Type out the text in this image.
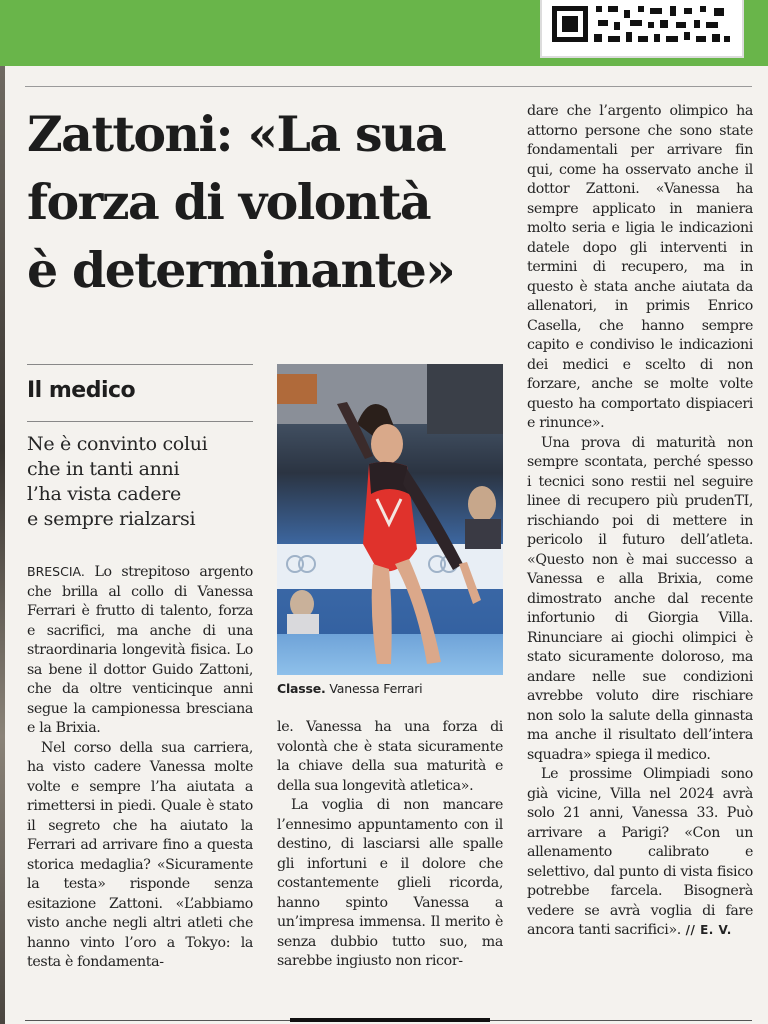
Zattoni: «La sua
forza di volontà
è determinante»
Il medico

Ne è convinto colui
che in tanti anni
l’ha vista cadere
e sempre rialzarsi

BRESCIA. Lo strepitoso argento che brilla al collo di Vanessa Ferrari è frutto di talento, forza e sacrifici, ma anche di una straordinaria longevità fisica. Lo sa bene il dottor Guido Zattoni, che da oltre venticinque anni segue la campionessa bresciana e la Brixia.

Nel corso della sua carriera, ha visto cadere Vanessa molte volte e sempre l’ha aiutata a rimettersi in piedi. Quale è stato il segreto che ha aiutato la Ferrari ad arrivare fino a questa storica medaglia? «Sicuramente la testa» risponde senza esitazione Zattoni. «L’abbiamo visto anche negli altri atleti che hanno vinto l’oro a Tokyo: la testa è fondamenta-

Classe. Vanessa Ferrari

le. Vanessa ha una forza di volontà che è stata sicuramente la chiave della sua maturità e della sua longevità atletica».

La voglia di non mancare l’ennesimo appuntamento con il destino, di lasciarsi alle spalle gli infortuni e il dolore che costantemente glieli ricorda, hanno spinto Vanessa a un’impresa immensa. Il merito è senza dubbio tutto suo, ma sarebbe ingiusto non ricor-

dare che l’argento olimpico ha attorno persone che sono state fondamentali per arrivare fin qui, come ha osservato anche il dottor Zattoni. «Vanessa ha sempre applicato in maniera molto seria e ligia le indicazioni datele dopo gli interventi in termini di recupero, ma in questo è stata anche aiutata da allenatori, in primis Enrico Casella, che hanno sempre capito e condiviso le indicazioni dei medici e scelto di non forzare, anche se molte volte questo ha comportato dispiaceri e rinunce».

Una prova di maturità non sempre scontata, perché spesso i tecnici sono restii nel seguire linee di recupero più prudenTI, rischiando poi di mettere in pericolo il futuro dell’atleta. «Questo non è mai successo a Vanessa e alla Brixia, come dimostrato anche dal recente infortunio di Giorgia Villa. Rinunciare ai giochi olimpici è stato sicuramente doloroso, ma andare nelle sue condizioni avrebbe voluto dire rischiare non solo la salute della ginnasta ma anche il risultato dell’intera squadra» spiega il medico.

Le prossime Olimpiadi sono già vicine, Villa nel 2024 avrà solo 21 anni, Vanessa 33. Può arrivare a Parigi? «Con un allenamento calibrato e selettivo, dal punto di vista fisico potrebbe farcela. Bisognerà vedere se avrà voglia di fare ancora tanti sacrifici». // E. V.
